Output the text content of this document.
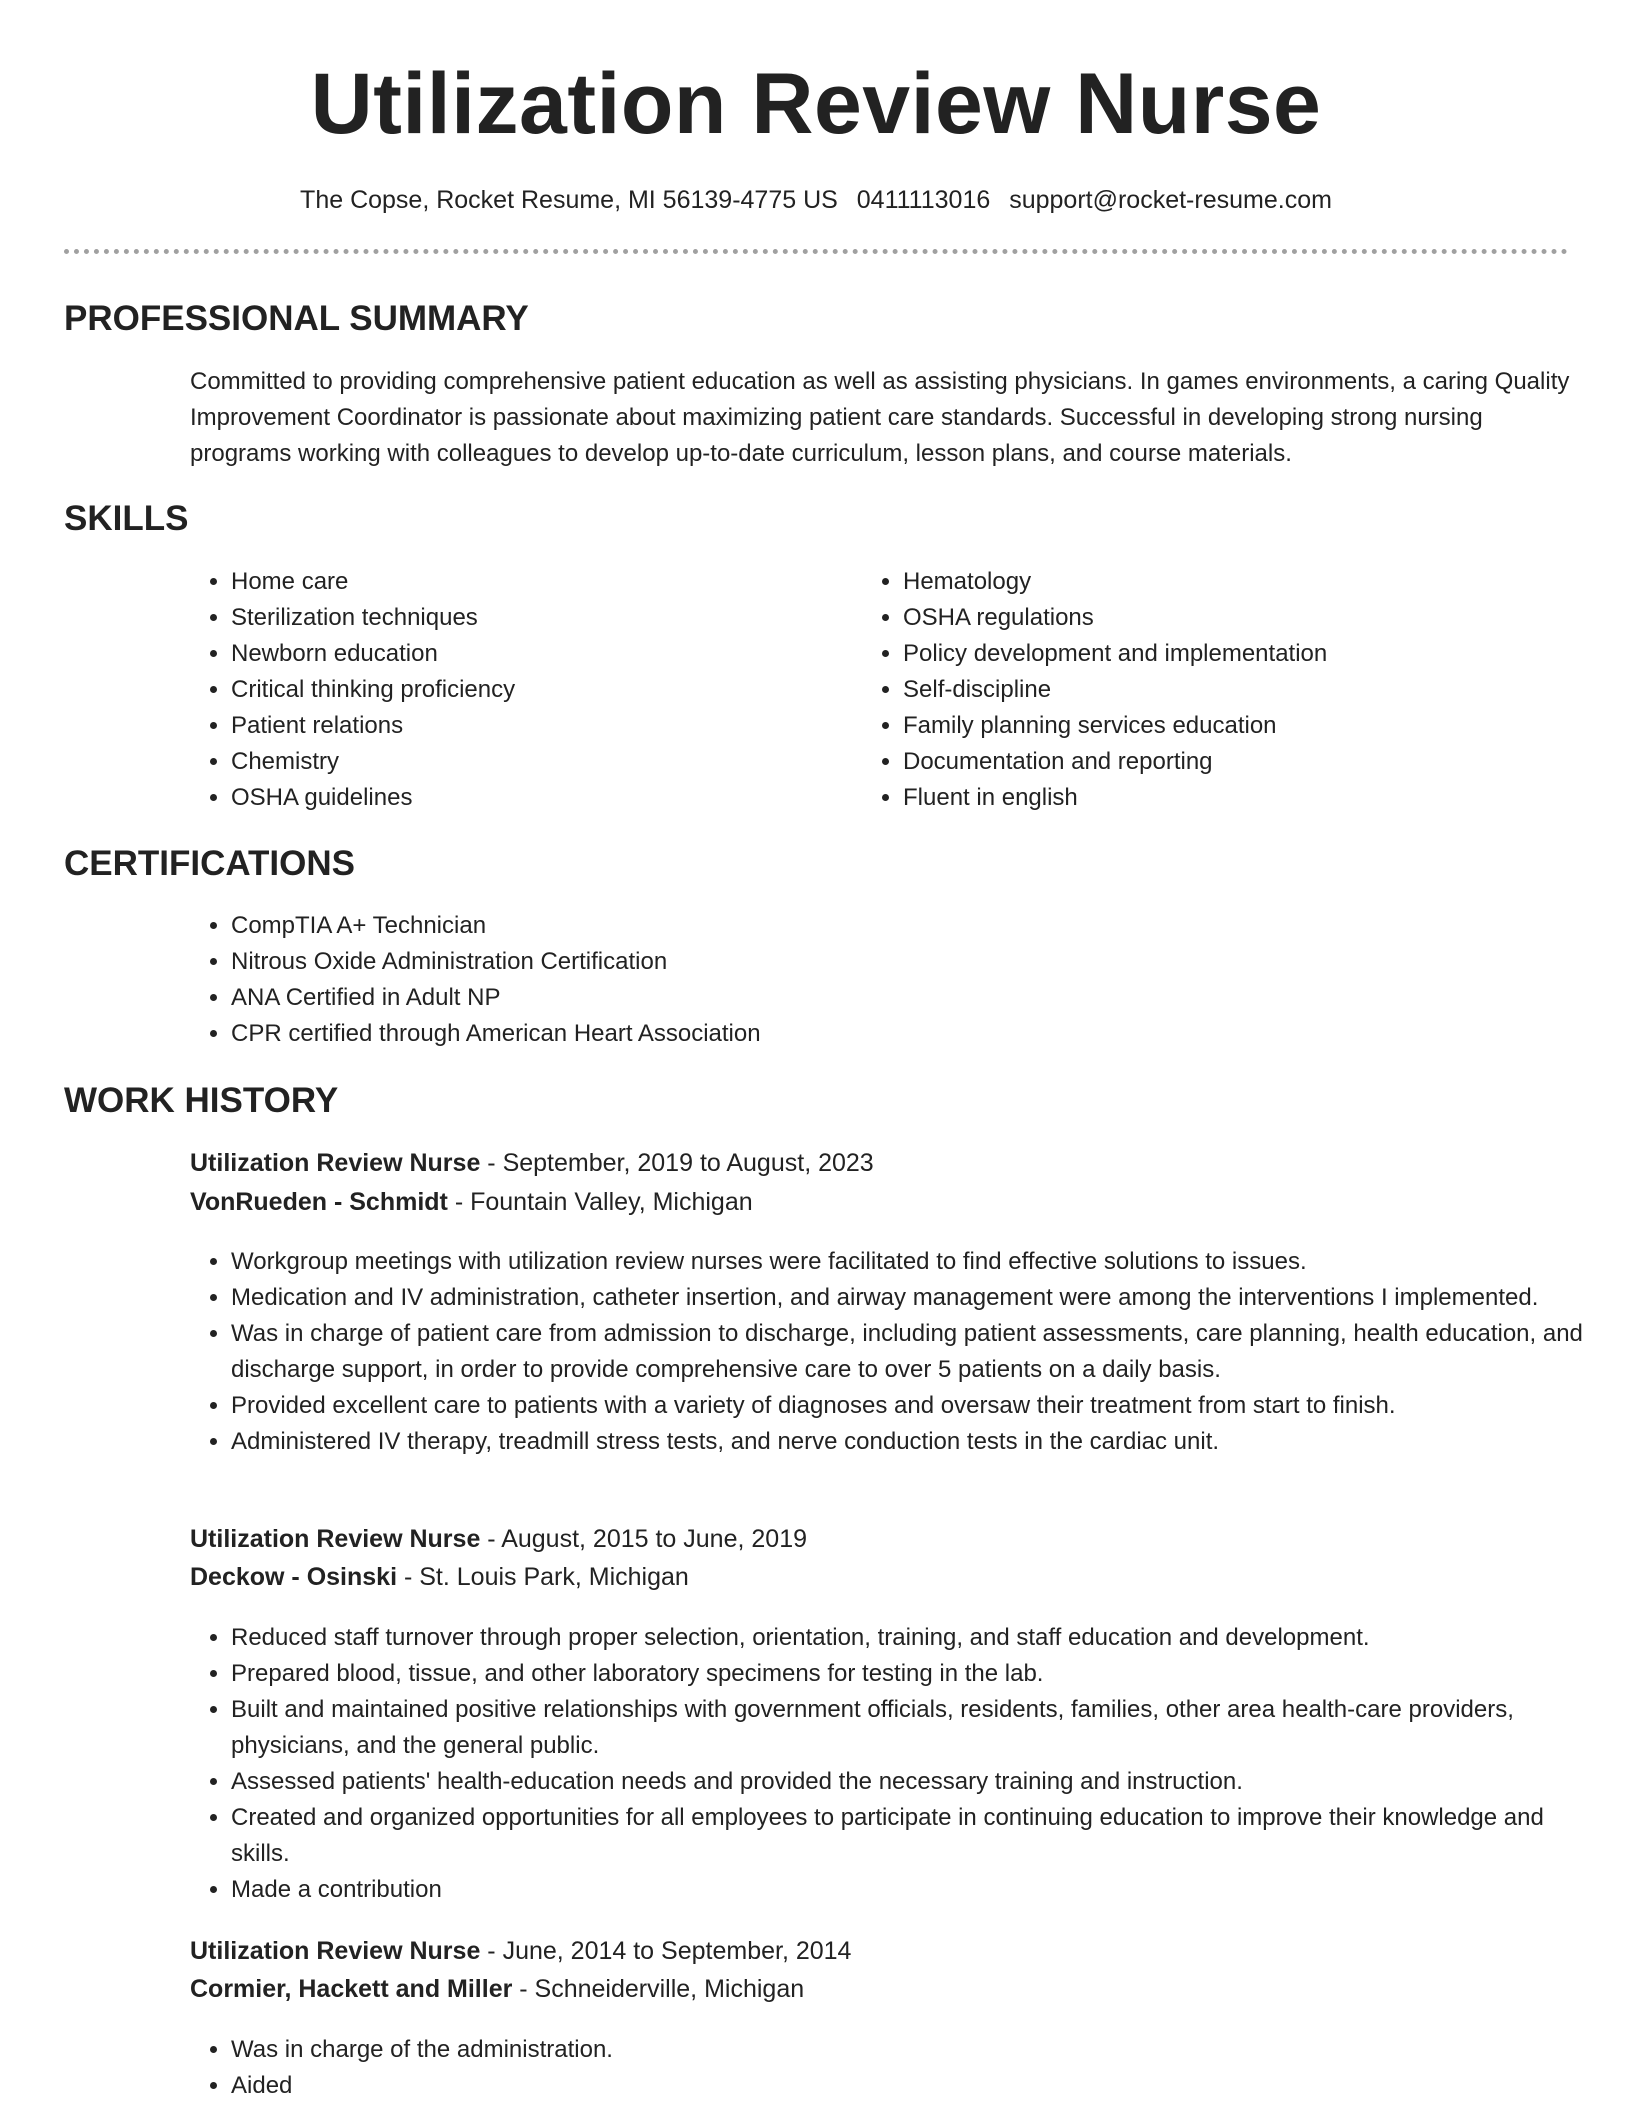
Utilization Review Nurse
The Copse, Rocket Resume, MI 56139-4775 US 0411113016 support@rocket-resume.com
PROFESSIONAL SUMMARY

Committed to providing comprehensive patient education as well as assisting physicians. In games environments, a caring Quality Improvement Coordinator is passionate about maximizing patient care standards. Successful in developing strong nursing programs working with colleagues to develop up-to-date curriculum, lesson plans, and course materials.

SKILLS
• Home care
• Sterilization techniques
• Newborn education
• Critical thinking proficiency
• Patient relations
• Chemistry
• OSHA guidelines
• Hematology
• OSHA regulations
• Policy development and implementation
• Self-discipline
• Family planning services education
• Documentation and reporting
• Fluent in english
CERTIFICATIONS
• CompTIA A+ Technician
• Nitrous Oxide Administration Certification
• ANA Certified in Adult NP
• CPR certified through American Heart Association
WORK HISTORY
Utilization Review Nurse - September, 2019 to August, 2023
VonRueden - Schmidt - Fountain Valley, Michigan
• Workgroup meetings with utilization review nurses were facilitated to find effective solutions to issues.
• Medication and IV administration, catheter insertion, and airway management were among the interventions I implemented.
• Was in charge of patient care from admission to discharge, including patient assessments, care planning, health education, and discharge support, in order to provide comprehensive care to over 5 patients on a daily basis.
• Provided excellent care to patients with a variety of diagnoses and oversaw their treatment from start to finish.
• Administered IV therapy, treadmill stress tests, and nerve conduction tests in the cardiac unit.
Utilization Review Nurse - August, 2015 to June, 2019
Deckow - Osinski - St. Louis Park, Michigan
• Reduced staff turnover through proper selection, orientation, training, and staff education and development.
• Prepared blood, tissue, and other laboratory specimens for testing in the lab.
• Built and maintained positive relationships with government officials, residents, families, other area health-care providers, physicians, and the general public.
• Assessed patients' health-education needs and provided the necessary training and instruction.
• Created and organized opportunities for all employees to participate in continuing education to improve their knowledge and skills.
• Made a contribution
Utilization Review Nurse - June, 2014 to September, 2014
Cormier, Hackett and Miller - Schneiderville, Michigan
• Was in charge of the administration.
• Aided
